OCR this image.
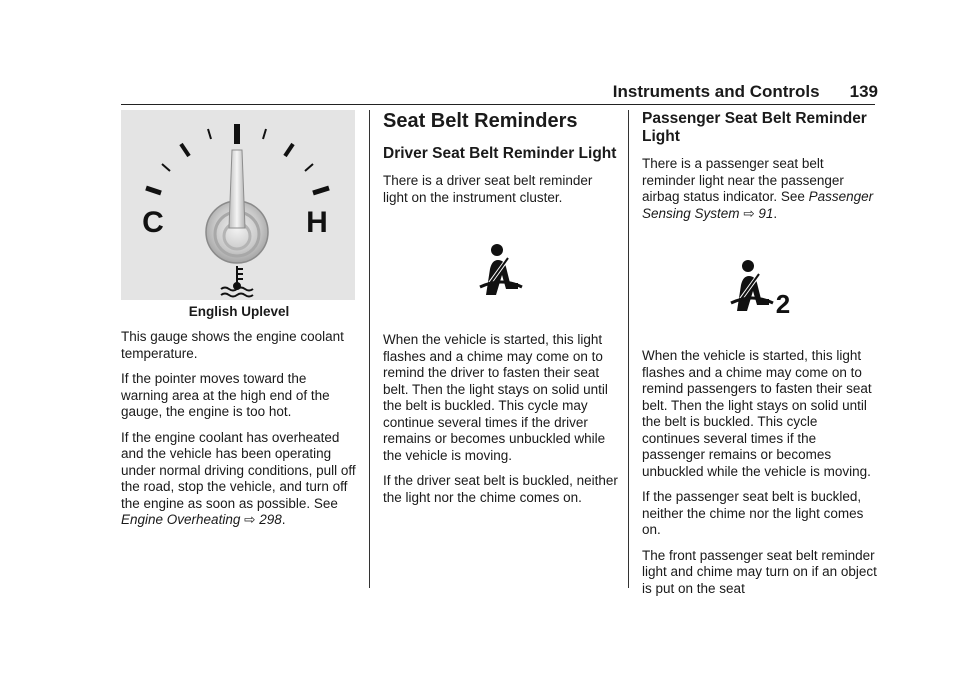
Instruments and Controls 139
C	H
English Uplevel

This gauge shows the engine coolant temperature.

If the pointer moves toward the warning area at the high end of the gauge, the engine is too hot.

If the engine coolant has overheated and the vehicle has been operating under normal driving conditions, pull off the road, stop the vehicle, and turn off the engine as soon as possible. See Engine Overheating ⇨ 298.

Seat Belt Reminders
Driver Seat Belt Reminder Light

There is a driver seat belt reminder light on the instrument cluster.

When the vehicle is started, this light flashes and a chime may come on to remind the driver to fasten their seat belt. Then the light stays on solid until the belt is buckled. This cycle may continue several times if the driver remains or becomes unbuckled while the vehicle is moving.

If the driver seat belt is buckled, neither the light nor the chime comes on.

Passenger Seat Belt Reminder Light

There is a passenger seat belt reminder light near the passenger airbag status indicator. See Passenger Sensing System ⇨ 91.

2

When the vehicle is started, this light flashes and a chime may come on to remind passengers to fasten their seat belt. Then the light stays on solid until the belt is buckled. This cycle continues several times if the passenger remains or becomes unbuckled while the vehicle is moving.

If the passenger seat belt is buckled, neither the chime nor the light comes on.

The front passenger seat belt reminder light and chime may turn on if an object is put on the seat
